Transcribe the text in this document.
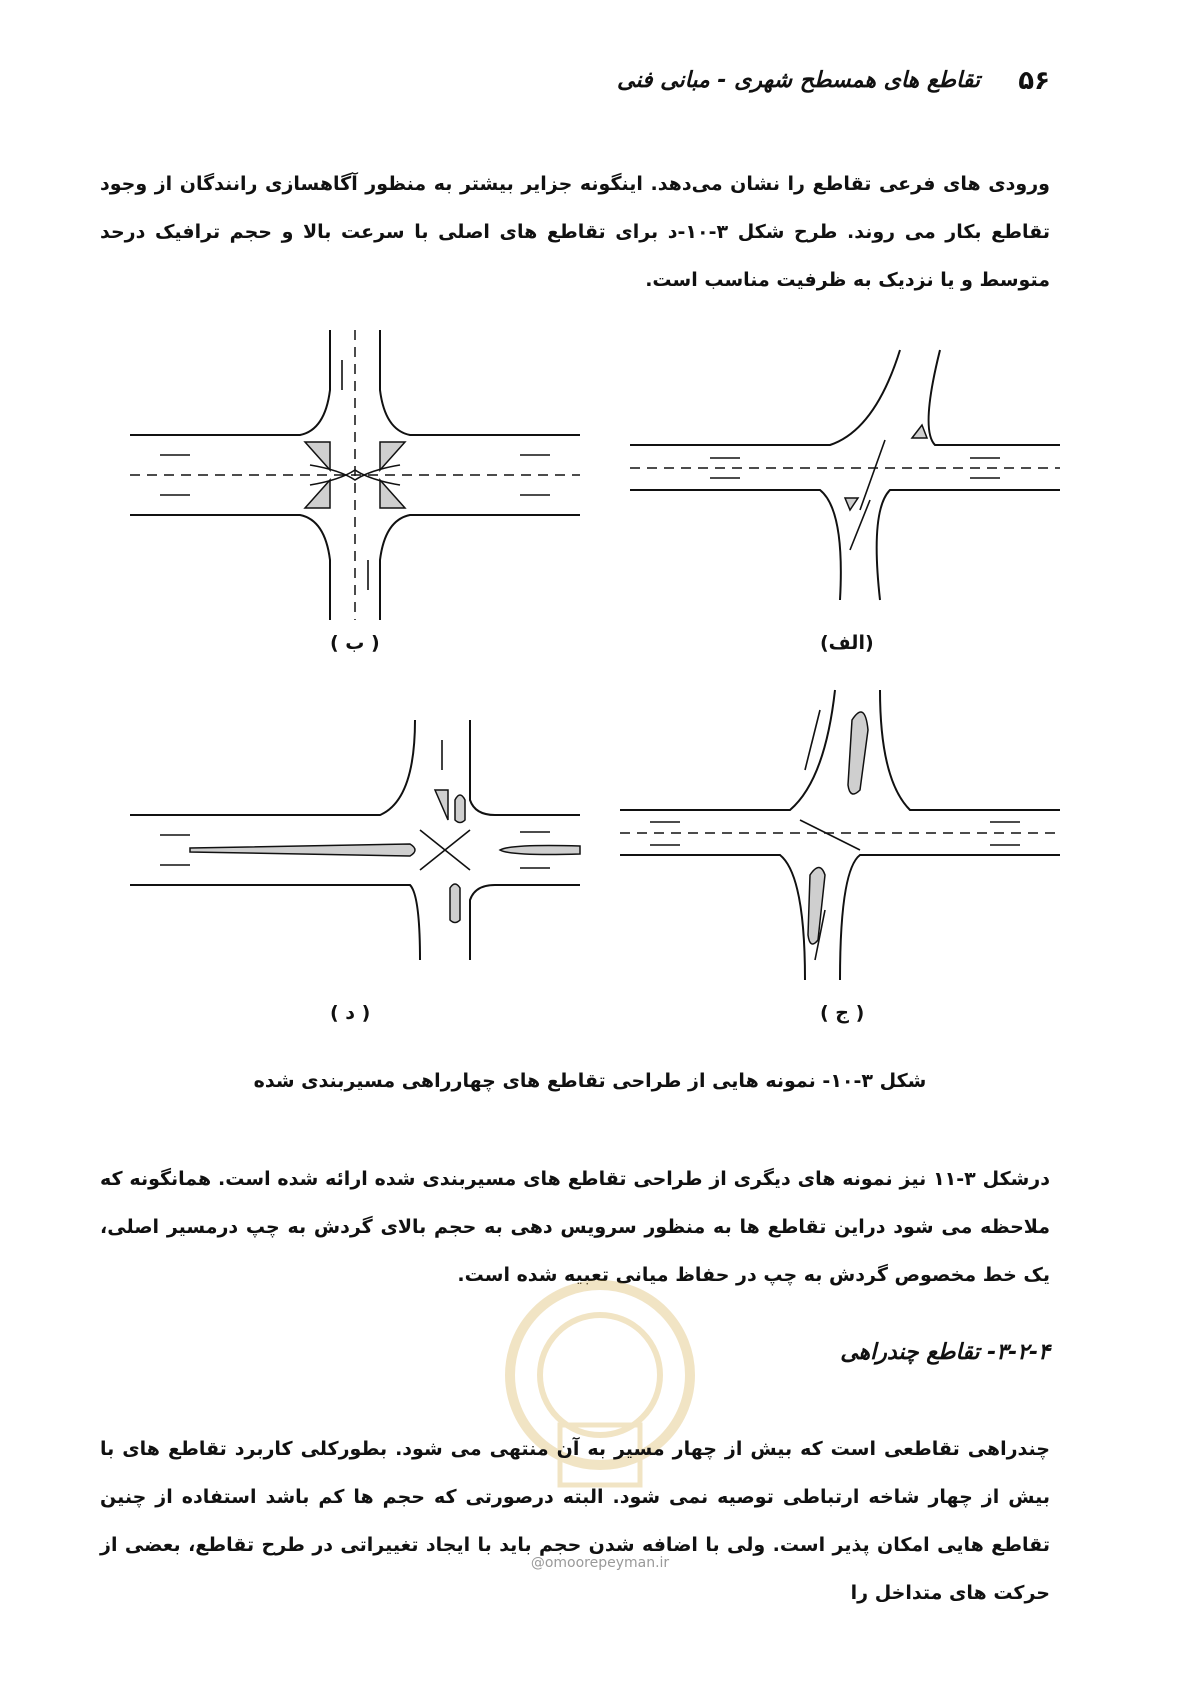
۵۶
تقاطع های همسطح شهری - مبانی فنی
ورودی های فرعی تقاطع را نشان می‌دهد. اینگونه جزایر بیشتر به منظور آگاهسازی رانندگان از وجود تقاطع بکار می روند. طرح شکل ۳-۱۰-د برای تقاطع های اصلی با سرعت بالا و حجم ترافیک درحد متوسط و یا نزدیک به ظرفیت مناسب است.
( ب )	(الف)
( د )	( ج )
شکل ۳-۱۰- نمونه هایی از طراحی تقاطع های چهارراهی مسیربندی شده
درشکل ۳-۱۱ نیز نمونه های دیگری از طراحی تقاطع های مسیربندی شده ارائه شده است. همانگونه که ملاحظه می شود دراین تقاطع ها به منظور سرویس دهی به حجم بالای گردش به چپ درمسیر اصلی، یک خط مخصوص گردش به چپ در حفاظ میانی تعبیه شده است.
۳-۲-۴- تقاطع چندراهی
@omoorepeyman.ir
چندراهی تقاطعی است که بیش از چهار مسیر به آن منتهی می شود. بطورکلی کاربرد تقاطع های با بیش از چهار شاخه ارتباطی توصیه نمی شود. البته درصورتی که حجم ها کم باشد استفاده از چنین تقاطع هایی امکان پذیر است. ولی با اضافه شدن حجم باید با ایجاد تغییراتی در طرح تقاطع، بعضی از حرکت های متداخل را
